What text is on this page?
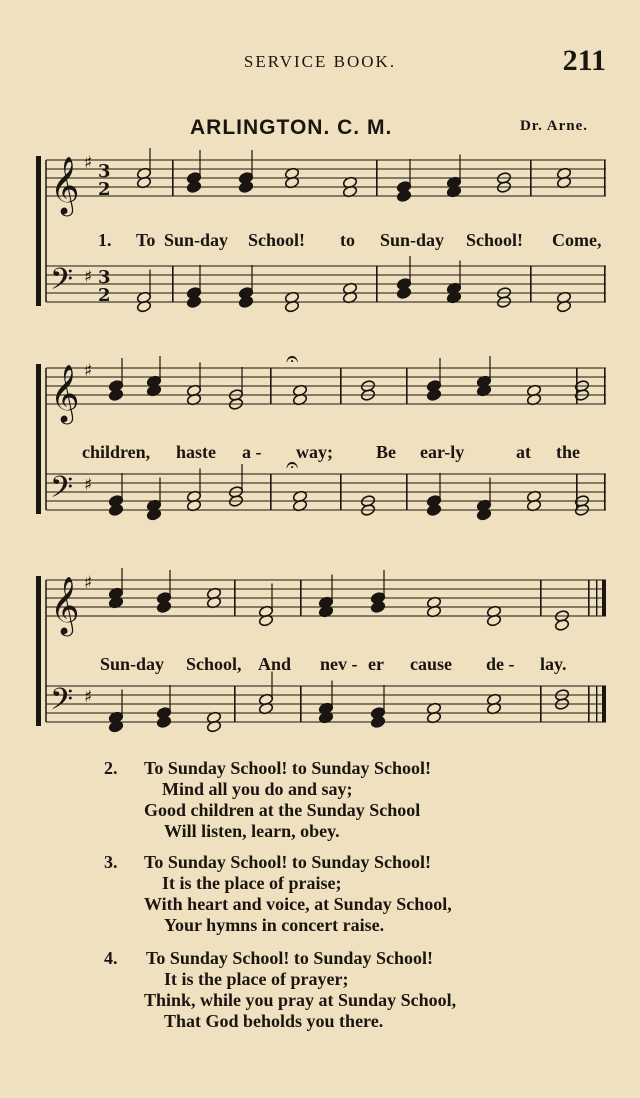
SERVICE BOOK.	211
ARLINGTON. C. M.	Dr. Arne.
𝄞 ♯ 3
2
𝄢 ♯ 3
2
1. To Sun-day School! to Sun-day School! Come,
𝄞 ♯
𝄢 ♯
𝄐
𝄐
children, haste a - way; Be ear-ly	at the
𝄞 ♯
𝄢 ♯
Sun-day School, And nev - er cause de - lay.
2. To Sunday School! to Sunday School!
Mind all you do and say;
Good children at the Sunday School
Will listen, learn, obey.
3. To Sunday School! to Sunday School!
It is the place of praise;
With heart and voice, at Sunday School,
Your hymns in concert raise.
4. To Sunday School! to Sunday School!
It is the place of prayer;
Think, while you pray at Sunday School,
That God beholds you there.
